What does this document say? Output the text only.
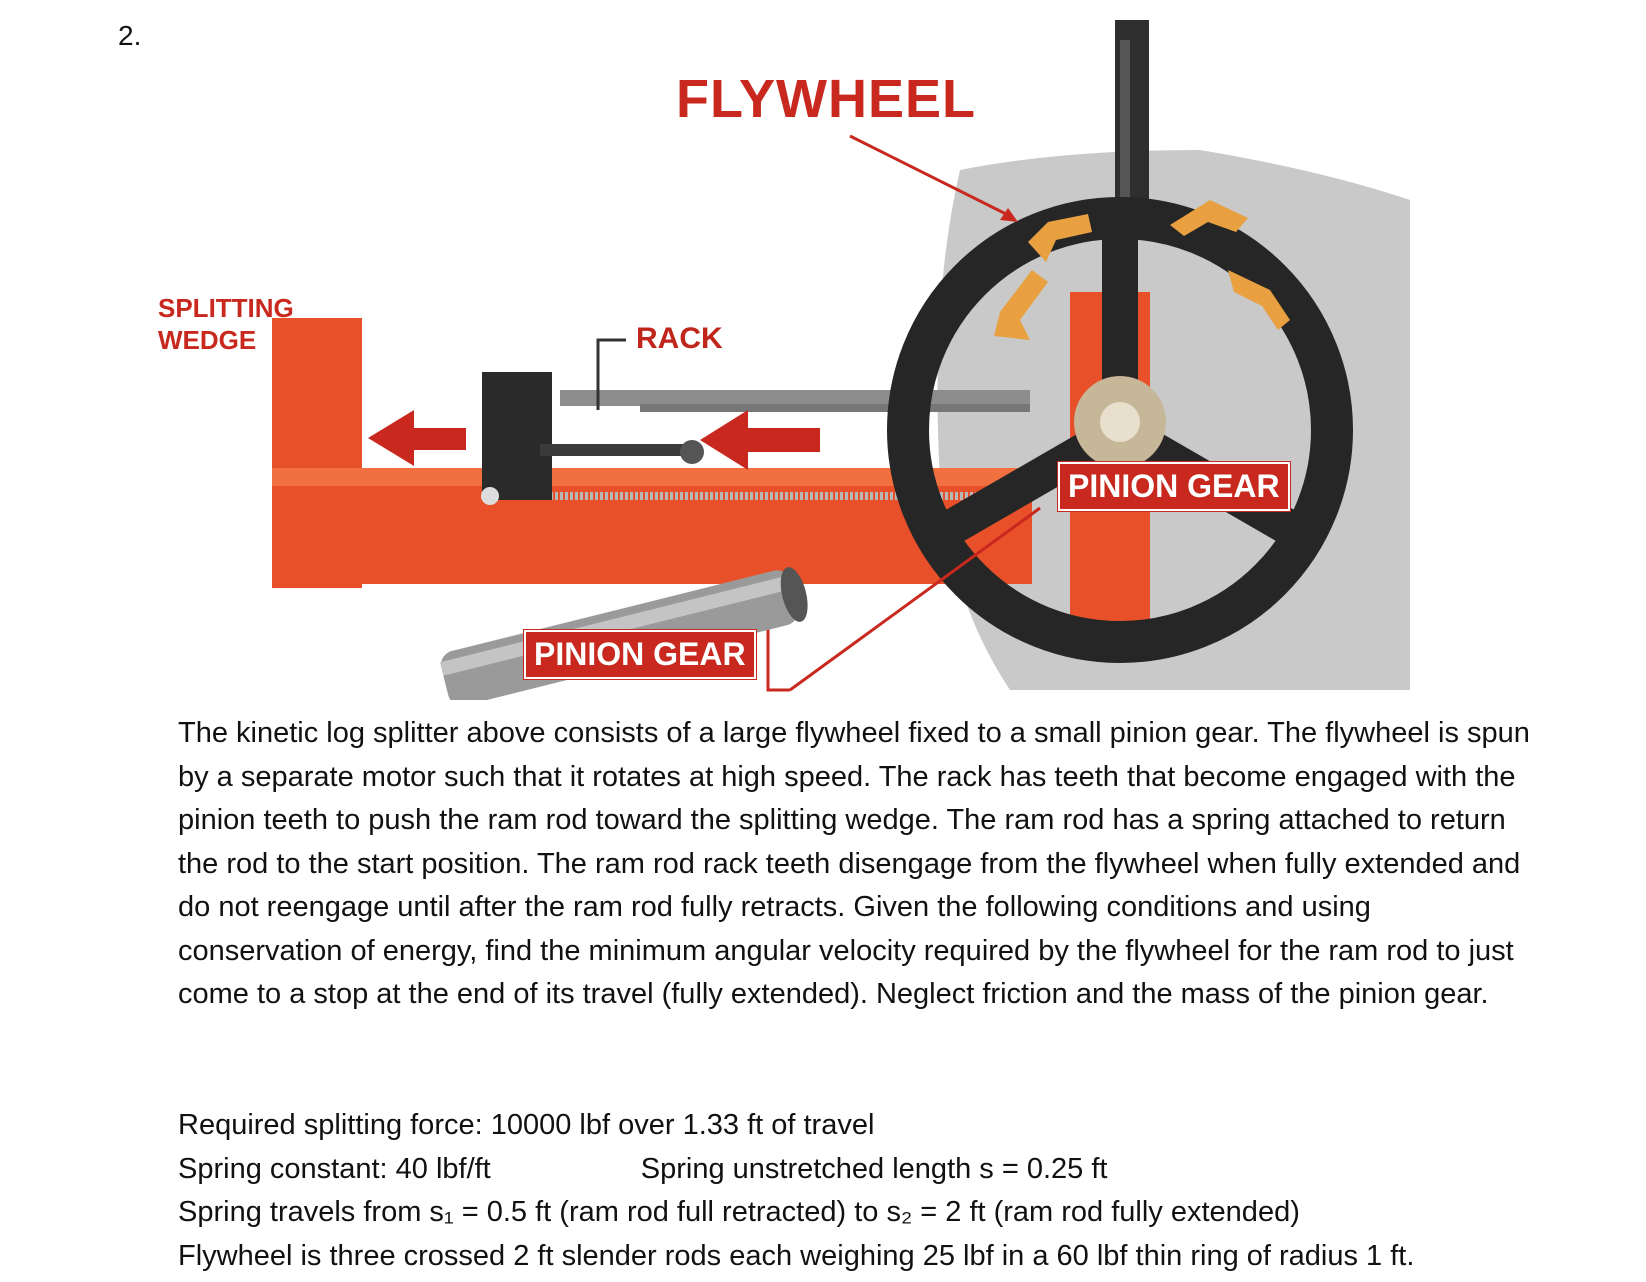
2.
FLYWHEEL
SPLITTING
WEDGE	RACK
PINION GEAR
PINION GEAR

The kinetic log splitter above consists of a large flywheel fixed to a small pinion gear. The flywheel is spun by a separate motor such that it rotates at high speed. The rack has teeth that become engaged with the pinion teeth to push the ram rod toward the splitting wedge. The ram rod has a spring attached to return the rod to the start position. The ram rod rack teeth disengage from the flywheel when fully extended and do not reengage until after the ram rod fully retracts. Given the following conditions and using conservation of energy, find the minimum angular velocity required by the flywheel for the ram rod to just come to a stop at the end of its travel (fully extended). Neglect friction and the mass of the pinion gear.

Required splitting force: 10000 lbf over 1.33 ft of travel
Spring constant: 40 lbf/ft	Spring unstretched length s = 0.25 ft
Spring travels from s₁ = 0.5 ft (ram rod full retracted) to s₂ = 2 ft (ram rod fully extended)
Flywheel is three crossed 2 ft slender rods each weighing 25 lbf in a 60 lbf thin ring of radius 1 ft.
